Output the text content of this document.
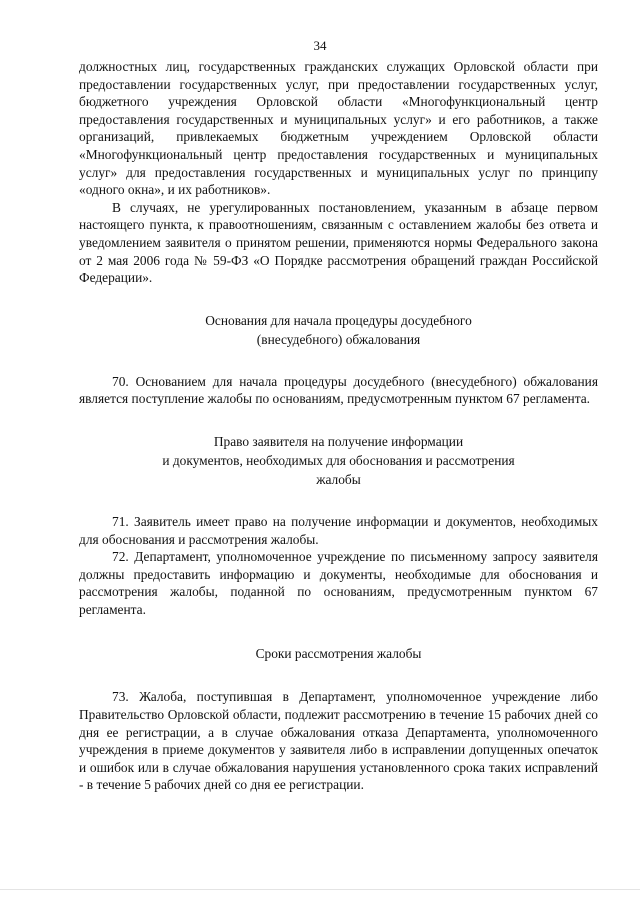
34

должностных лиц, государственных гражданских служащих Орловской области при предоставлении государственных услуг, при предоставлении государственных услуг, бюджетного учреждения Орловской области «Многофункциональный центр предоставления государственных и муниципальных услуг» и его работников, а также организаций, привлекаемых бюджетным учреждением Орловской области «Многофункциональный центр предоставления государственных и муниципальных услуг» для предоставления государственных и муниципальных услуг по принципу «одного окна», и их работников».

В случаях, не урегулированных постановлением, указанным в абзаце первом настоящего пункта, к правоотношениям, связанным с оставлением жалобы без ответа и уведомлением заявителя о принятом решении, применяются нормы Федерального закона от 2 мая 2006 года № 59-ФЗ «О Порядке рассмотрения обращений граждан Российской Федерации».

Основания для начала процедуры досудебного
(внесудебного) обжалования

70. Основанием для начала процедуры досудебного (внесудебного) обжалования является поступление жалобы по основаниям, предусмотренным пунктом 67 регламента.

Право заявителя на получение информации
и документов, необходимых для обоснования и рассмотрения
жалобы

71. Заявитель имеет право на получение информации и документов, необходимых для обоснования и рассмотрения жалобы.

72. Департамент, уполномоченное учреждение по письменному запросу заявителя должны предоставить информацию и документы, необходимые для обоснования и рассмотрения жалобы, поданной по основаниям, предусмотренным пунктом 67 регламента.

Сроки рассмотрения жалобы

73. Жалоба, поступившая в Департамент, уполномоченное учреждение либо Правительство Орловской области, подлежит рассмотрению в течение 15 рабочих дней со дня ее регистрации, а в случае обжалования отказа Департамента, уполномоченного учреждения в приеме документов у заявителя либо в исправлении допущенных опечаток и ошибок или в случае обжалования нарушения установленного срока таких исправлений - в течение 5 рабочих дней со дня ее регистрации.
